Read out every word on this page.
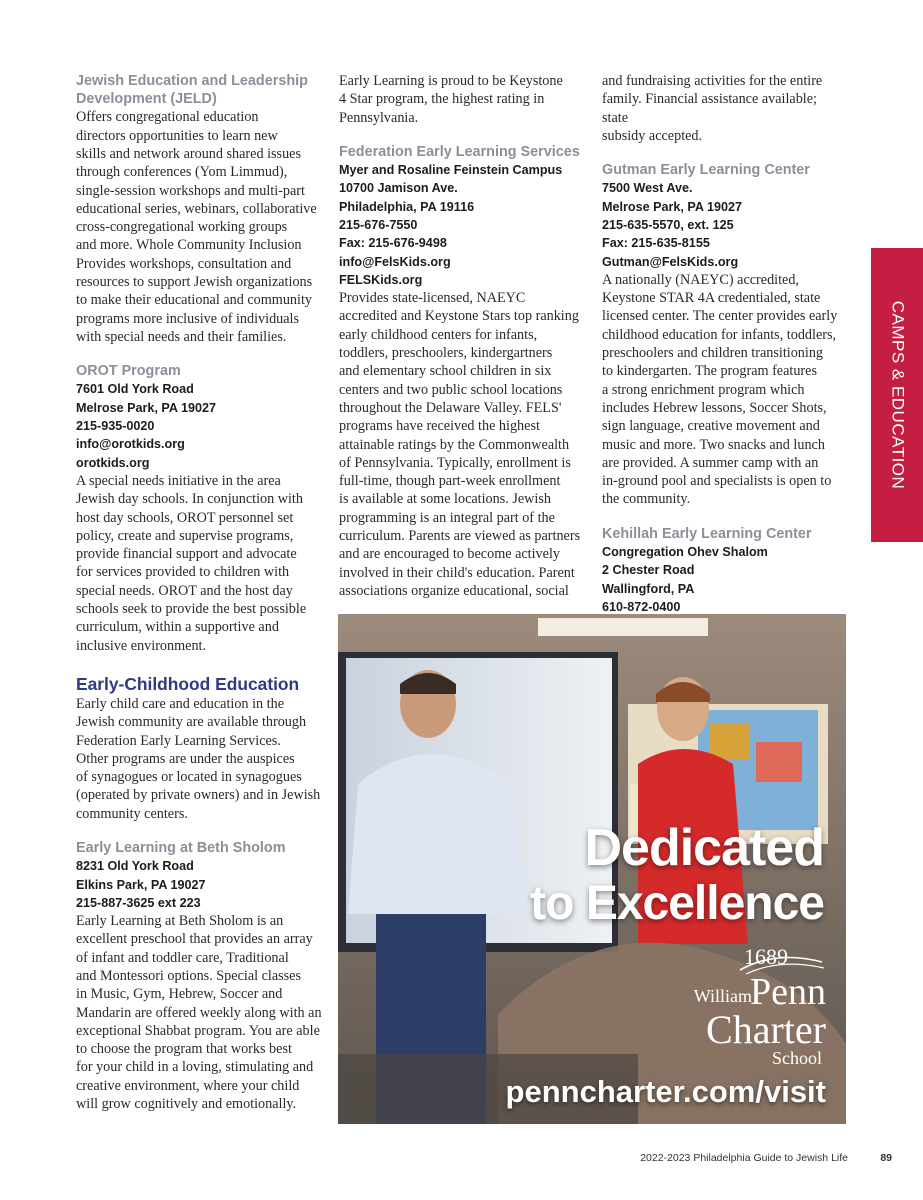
CAMPS & EDUCATION

Jewish Education and Leadership

Development (JELD)

Offers congregational education

directors opportunities to learn new

skills and network around shared issues

through conferences (Yom Limmud),

single-session workshops and multi-part

educational series, webinars, collaborative

cross-congregational working groups

and more. Whole Community Inclusion

Provides workshops, consultation and

resources to support Jewish organizations

to make their educational and community

programs more inclusive of individuals

with special needs and their families.

OROT Program

7601 Old York Road

Melrose Park, PA 19027

215-935-0020

info@orotkids.org

orotkids.org

A special needs initiative in the area

Jewish day schools. In conjunction with

host day schools, OROT personnel set

policy, create and supervise programs,

provide financial support and advocate

for services provided to children with

special needs. OROT and the host day

schools seek to provide the best possible

curriculum, within a supportive and

inclusive environment.

Early-Childhood Education

Early child care and education in the

Jewish community are available through

Federation Early Learning Services.

Other programs are under the auspices

of synagogues or located in synagogues

(operated by private owners) and in Jewish

community centers.

Early Learning at Beth Sholom

8231 Old York Road

Elkins Park, PA 19027

215-887-3625 ext 223

Early Learning at Beth Sholom is an

excellent preschool that provides an array

of infant and toddler care, Traditional

and Montessori options. Special classes

in Music, Gym, Hebrew, Soccer and

Mandarin are offered weekly along with an

exceptional Shabbat program. You are able

to choose the program that works best

for your child in a loving, stimulating and

creative environment, where your child

will grow cognitively and emotionally.

Early Learning is proud to be Keystone

4 Star program, the highest rating in

Pennsylvania.

Federation Early Learning Services

Myer and Rosaline Feinstein Campus

10700 Jamison Ave.

Philadelphia, PA 19116

215-676-7550

Fax: 215-676-9498

info@FelsKids.org

FELSKids.org

Provides state-licensed, NAEYC

accredited and Keystone Stars top ranking

early childhood centers for infants,

toddlers, preschoolers, kindergartners

and elementary school children in six

centers and two public school locations

throughout the Delaware Valley. FELS'

programs have received the highest

attainable ratings by the Commonwealth

of Pennsylvania. Typically, enrollment is

full-time, though part-week enrollment

is available at some locations. Jewish

programming is an integral part of the

curriculum. Parents are viewed as partners

and are encouraged to become actively

involved in their child's education. Parent

associations organize educational, social

and fundraising activities for the entire

family. Financial assistance available; state

subsidy accepted.

Gutman Early Learning Center

7500 West Ave.

Melrose Park, PA 19027

215-635-5570, ext. 125

Fax: 215-635-8155

Gutman@FelsKids.org

A nationally (NAEYC) accredited,

Keystone STAR 4A credentialed, state

licensed center. The center provides early

childhood education for infants, toddlers,

preschoolers and children transitioning

to kindergarten. The program features

a strong enrichment program which

includes Hebrew lessons, Soccer Shots,

sign language, creative movement and

music and more. Two snacks and lunch

are provided. A summer camp with an

in-ground pool and specialists is open to

the community.

Kehillah Early Learning Center

Congregation Ohev Shalom

2 Chester Road

Wallingford, PA

610-872-0400

Dedicated
to Excellence
1689
William
Penn
Charter
School
penncharter.com/visit
2022-2023 Philadelphia Guide to Jewish Life	89
